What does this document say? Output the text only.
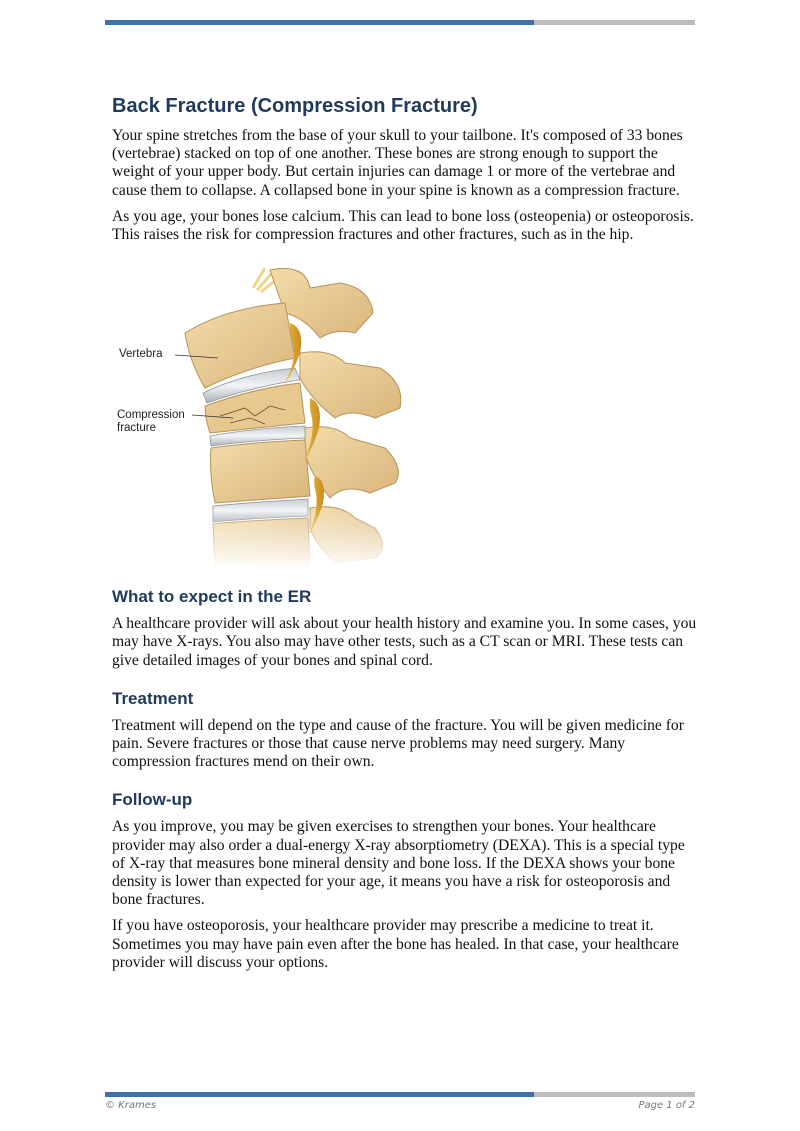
Back Fracture (Compression Fracture)

Your spine stretches from the base of your skull to your tailbone. It's composed of 33 bones (vertebrae) stacked on top of one another. These bones are strong enough to support the weight of your upper body. But certain injuries can damage 1 or more of the vertebrae and cause them to collapse. A collapsed bone in your spine is known as a compression fracture.

As you age, your bones lose calcium. This can lead to bone loss (osteopenia) or osteoporosis. This raises the risk for compression fractures and other fractures, such as in the hip.

Vertebra
Compression
fracture
What to expect in the ER

A healthcare provider will ask about your health history and examine you. In some cases, you may have X-rays. You also may have other tests, such as a CT scan or MRI. These tests can give detailed images of your bones and spinal cord.

Treatment

Treatment will depend on the type and cause of the fracture. You will be given medicine for pain. Severe fractures or those that cause nerve problems may need surgery. Many compression fractures mend on their own.

Follow-up

As you improve, you may be given exercises to strengthen your bones. Your healthcare provider may also order a dual-energy X-ray absorptiometry (DEXA). This is a special type of X-ray that measures bone mineral density and bone loss. If the DEXA shows your bone density is lower than expected for your age, it means you have a risk for osteoporosis and bone fractures.

If you have osteoporosis, your healthcare provider may prescribe a medicine to treat it. Sometimes you may have pain even after the bone has healed. In that case, your healthcare provider will discuss your options.

© Krames	Page 1 of 2
